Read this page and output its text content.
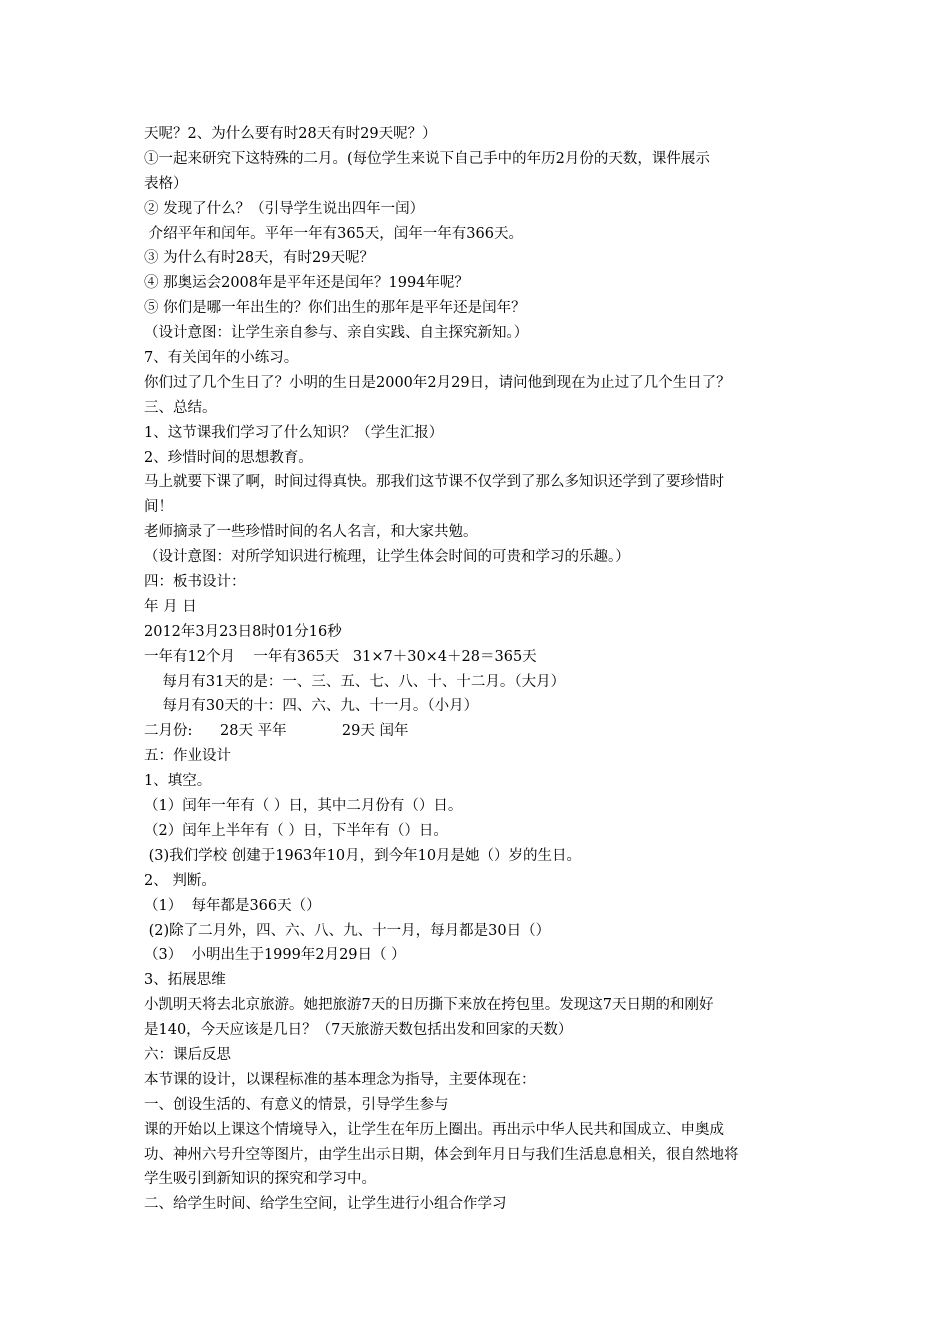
天呢？2、为什么要有时28天有时29天呢？）
①一起来研究下这特殊的二月。(每位学生来说下自己手中的年历2月份的天数，课件展示
表格）
② 发现了什么？（引导学生说出四年一闰）
介绍平年和闰年。平年一年有365天，闰年一年有366天。
③ 为什么有时28天，有时29天呢？
④ 那奥运会2008年是平年还是闰年？1994年呢？
⑤ 你们是哪一年出生的？你们出生的那年是平年还是闰年？
（设计意图：让学生亲自参与、亲自实践、自主探究新知。）
7、有关闰年的小练习。
你们过了几个生日了？小明的生日是2000年2月29日，请问他到现在为止过了几个生日了？
三、总结。
1、这节课我们学习了什么知识？（学生汇报）
2、珍惜时间的思想教育。
马上就要下课了啊，时间过得真快。那我们这节课不仅学到了那么多知识还学到了要珍惜时
间！
老师摘录了一些珍惜时间的名人名言，和大家共勉。
（设计意图：对所学知识进行梳理，让学生体会时间的可贵和学习的乐趣。）
四：板书设计：
年 月 日
2012年3月23日8时01分16秒
一年有12个月    一年有365天   31×7＋30×4＋28＝365天
每月有31天的是：一、三、五、七、八、十、十二月。（大月）
每月有30天的十：四、六、九、十一月。（小月）
二月份:      28天 平年            29天 闰年
五：作业设计
1、填空。
（1）闰年一年有（ ）日，其中二月份有（）日。
（2）闰年上半年有（ ）日，下半年有（）日。
(3)我们学校 创建于1963年10月，到今年10月是她（）岁的生日。
2、 判断。
（1）  每年都是366天（）
(2)除了二月外，四、六、八、九、十一月，每月都是30日（）
（3）  小明出生于1999年2月29日（ ）
3、拓展思维
小凯明天将去北京旅游。她把旅游7天的日历撕下来放在挎包里。发现这7天日期的和刚好
是140，今天应该是几日？（7天旅游天数包括出发和回家的天数）
六：课后反思
本节课的设计，以课程标准的基本理念为指导，主要体现在：
一、创设生活的、有意义的情景，引导学生参与
课的开始以上课这个情境导入，让学生在年历上圈出。再出示中华人民共和国成立、申奥成
功、神州六号升空等图片，由学生出示日期，体会到年月日与我们生活息息相关，很自然地将
学生吸引到新知识的探究和学习中。
二、给学生时间、给学生空间，让学生进行小组合作学习
